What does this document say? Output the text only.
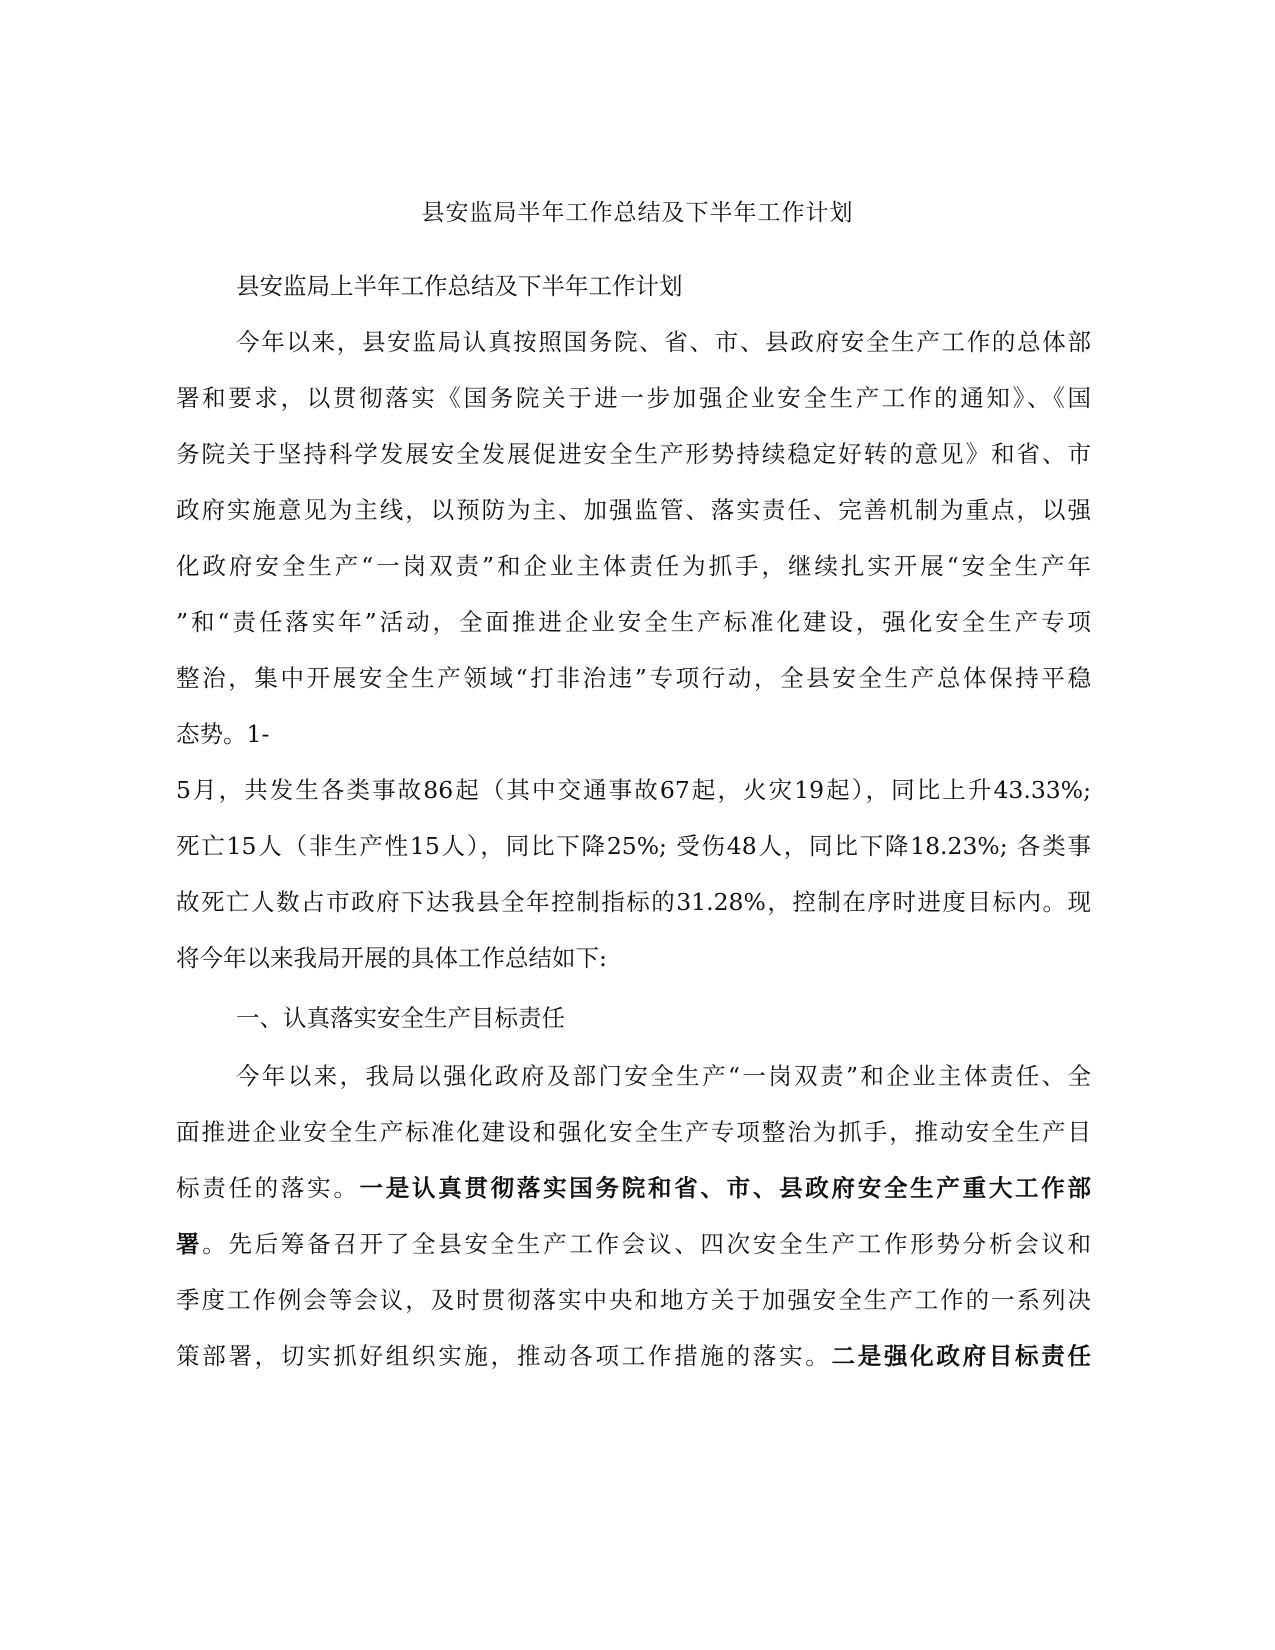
县安监局半年工作总结及下半年工作计划
县安监局上半年工作总结及下半年工作计划
今年以来，县安监局认真按照国务院、省、市、县政府安全生产工作的总体部
署和要求，以贯彻落实《国务院关于进一步加强企业安全生产工作的通知》、《国
务院关于坚持科学发展安全发展促进安全生产形势持续稳定好转的意见》和省、市
政府实施意见为主线，以预防为主、加强监管、落实责任、完善机制为重点，以强
化政府安全生产“一岗双责”和企业主体责任为抓手，继续扎实开展“安全生产年
”和“责任落实年”活动，全面推进企业安全生产标准化建设，强化安全生产专项
整治，集中开展安全生产领域“打非治违”专项行动，全县安全生产总体保持平稳
态势。1-
5月，共发生各类事故86起（其中交通事故67起，火灾19起），同比上升43.33%;
死亡15人（非生产性15人），同比下降25%; 受伤48人，同比下降18.23%; 各类事
故死亡人数占市政府下达我县全年控制指标的31.28%，控制在序时进度目标内。现
将今年以来我局开展的具体工作总结如下:
一、认真落实安全生产目标责任
今年以来，我局以强化政府及部门安全生产“一岗双责”和企业主体责任、全
面推进企业安全生产标准化建设和强化安全生产专项整治为抓手，推动安全生产目
标责任的落实。一是认真贯彻落实国务院和省、市、县政府安全生产重大工作部
署。先后筹备召开了全县安全生产工作会议、四次安全生产工作形势分析会议和
季度工作例会等会议，及时贯彻落实中央和地方关于加强安全生产工作的一系列决
策部署，切实抓好组织实施，推动各项工作措施的落实。二是强化政府目标责任
